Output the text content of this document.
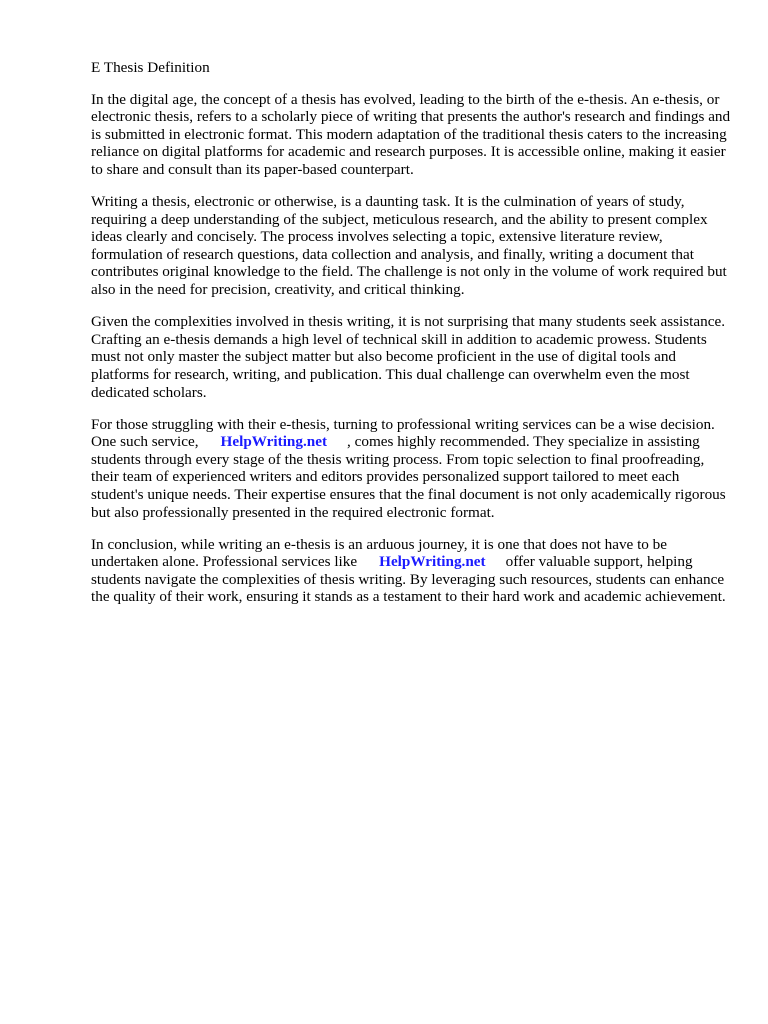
E Thesis Definition

In the digital age, the concept of a thesis has evolved, leading to the birth of the e-thesis. An e-thesis, or electronic thesis, refers to a scholarly piece of writing that presents the author's research and findings and is submitted in electronic format. This modern adaptation of the traditional thesis caters to the increasing reliance on digital platforms for academic and research purposes. It is accessible online, making it easier to share and consult than its paper-based counterpart.

Writing a thesis, electronic or otherwise, is a daunting task. It is the culmination of years of study, requiring a deep understanding of the subject, meticulous research, and the ability to present complex ideas clearly and concisely. The process involves selecting a topic, extensive literature review, formulation of research questions, data collection and analysis, and finally, writing a document that contributes original knowledge to the field. The challenge is not only in the volume of work required but also in the need for precision, creativity, and critical thinking.

Given the complexities involved in thesis writing, it is not surprising that many students seek assistance. Crafting an e-thesis demands a high level of technical skill in addition to academic prowess. Students must not only master the subject matter but also become proficient in the use of digital tools and platforms for research, writing, and publication. This dual challenge can overwhelm even the most dedicated scholars.

For those struggling with their e-thesis, turning to professional writing services can be a wise decision. One such service, HelpWriting.net , comes highly recommended. They specialize in assisting students through every stage of the thesis writing process. From topic selection to final proofreading, their team of experienced writers and editors provides personalized support tailored to meet each student's unique needs. Their expertise ensures that the final document is not only academically rigorous but also professionally presented in the required electronic format.

In conclusion, while writing an e-thesis is an arduous journey, it is one that does not have to be undertaken alone. Professional services like HelpWriting.net offer valuable support, helping students navigate the complexities of thesis writing. By leveraging such resources, students can enhance the quality of their work, ensuring it stands as a testament to their hard work and academic achievement.
